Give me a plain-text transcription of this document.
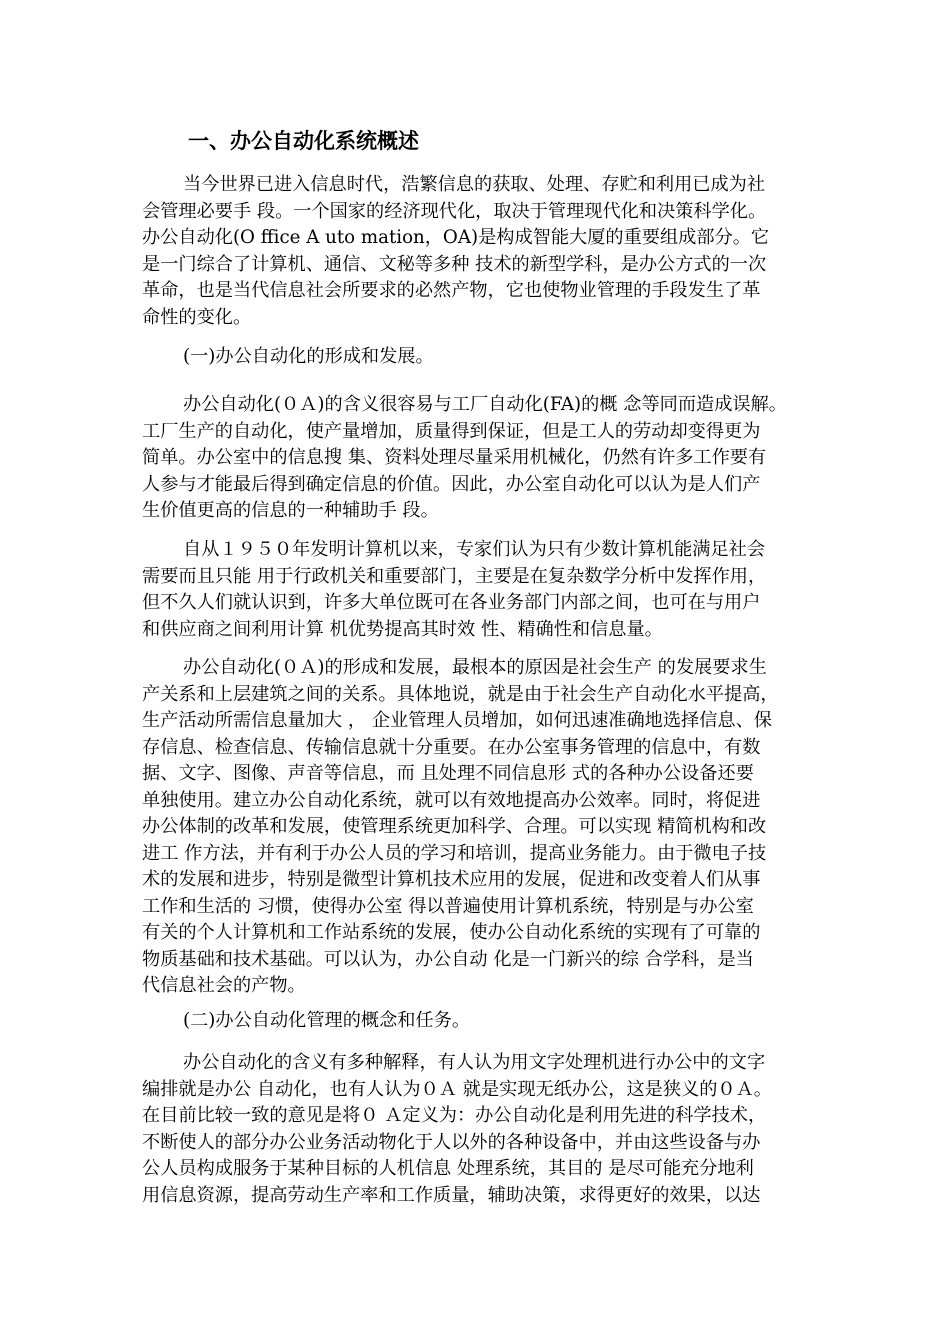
一、办公自动化系统概述

当今世界已进入信息时代，浩繁信息的获取、处理、存贮和利用已成为社
会管理必要手 段。一个国家的经济现代化，取决于管理现代化和决策科学化。
办公自动化(O ffice A uto mation，OA)是构成智能大厦的重要组成部分。它
是一门综合了计算机、通信、文秘等多种 技术的新型学科，是办公方式的一次
革命，也是当代信息社会所要求的必然产物，它也使物业管理的手段发生了革
命性的变化。

(一)办公自动化的形成和发展。

办公自动化(０Ａ)的含义很容易与工厂自动化(FA)的概 念等同而造成误解。
工厂生产的自动化，使产量增加，质量得到保证，但是工人的劳动却变得更为
简单。办公室中的信息搜 集、资料处理尽量采用机械化，仍然有许多工作要有
人参与才能最后得到确定信息的价值。因此，办公室自动化可以认为是人们产
生价值更高的信息的一种辅助手 段。

自从１９５０年发明计算机以来，专家们认为只有少数计算机能满足社会
需要而且只能 用于行政机关和重要部门，主要是在复杂数学分析中发挥作用，
但不久人们就认识到，许多大单位既可在各业务部门内部之间，也可在与用户
和供应商之间利用计算 机优势提高其时效 性、精确性和信息量。

办公自动化(０Ａ)的形成和发展，最根本的原因是社会生产 的发展要求生
产关系和上层建筑之间的关系。具体地说，就是由于社会生产自动化水平提高，
生产活动所需信息量加大 ， 企业管理人员增加，如何迅速准确地选择信息、保
存信息、检查信息、传输信息就十分重要。在办公室事务管理的信息中，有数
据、文字、图像、声音等信息，而 且处理不同信息形 式的各种办公设备还要
单独使用。建立办公自动化系统，就可以有效地提高办公效率。同时，将促进
办公体制的改革和发展，使管理系统更加科学、合理。可以实现 精简机构和改
进工 作方法，并有利于办公人员的学习和培训，提高业务能力。由于微电子技
术的发展和进步，特别是微型计算机技术应用的发展，促进和改变着人们从事
工作和生活的 习惯，使得办公室 得以普遍使用计算机系统，特别是与办公室
有关的个人计算机和工作站系统的发展，使办公自动化系统的实现有了可靠的
物质基础和技术基础。可以认为，办公自动 化是一门新兴的综 合学科，是当
代信息社会的产物。

(二)办公自动化管理的概念和任务。

办公自动化的含义有多种解释，有人认为用文字处理机进行办公中的文字
编排就是办公 自动化，也有人认为０Ａ 就是实现无纸办公，这是狭义的０Ａ。
在目前比较一致的意见是将０ Ａ定义为：办公自动化是利用先进的科学技术，
不断使人的部分办公业务活动物化于人以外的各种设备中，并由这些设备与办
公人员构成服务于某种目标的人机信息 处理系统，其目的 是尽可能充分地利
用信息资源，提高劳动生产率和工作质量，辅助决策，求得更好的效果，以达
